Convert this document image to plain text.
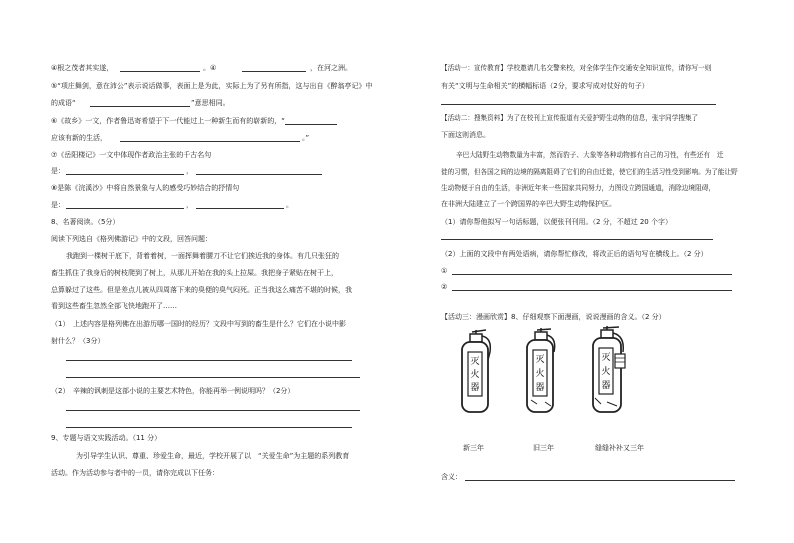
④根之茂者其实遂，	。④	，在河之洲。
⑤“项庄舞剑，意在沛公”表示说话做事，表面上是为此，实际上为了另有所指，这与出自《醉翁亭记》中
的成语“	”意思相同。
⑥《故乡》一文，作者鲁迅寄希望于下一代能过上一种新生而有的崭新的，“
应该有新的生活，	。”
⑦《岳阳楼记》一文中体现作者政治主张的千古名句
是：	，
⑧是陈《浣溪沙》中将自然景象与人的感受巧妙结合的抒情句
是：	，	。
8、名著阅读。（5分）
阅读下列选自《格列佛游记》中的文段，回答问题：
我跑到一棵树干底下，背着着树，一面挥舞着腰刀不让它们挨近我的身体。有几只张狂的
畜生抓住了我身后的树枝爬到了树上，从那儿开始在我的头上拉屎。我把身子紧贴在树干上，
总算躲过了这些。但是差点儿被从四周落下来的臭便的臭气闷死。正当我这么痛苦不堪的时候，我
看到这些畜生忽然全部飞快地跑开了……
（1）　上述内容是格列佛在出游历哪一国时的经历？文段中写到的畜生是什么？它们在小说中影
射什么？（3分）
（2）　辛辣的讽刺是这部小说的主要艺术特色，你能再举一例说明吗？（2分）
9、专题与语文实践活动。（11 分）
为引导学生认识、尊重、珍爱生命，最近，学校开展了以　“关爱生命”为主题的系列教育
活动。作为活动参与者中的一员，请你完成以下任务：
【活动一：宣传教育】学校邀请几名交警来校，对全体学生作交通安全知识宣传，请你写一则
有关“文明与生命相关”的横幅标语（2分，要求写成对仗好的句子）
【活动二：搜集资料】为了在校刊上宣传报道有关爱护野生动物的信息，张宇同学搜集了
下面这则消息。
辛巴大陆野生动物数量为丰富，然而豹子、大象等各种动物都有自己的习性，有些还有　迁
徙的习惯，但各国之间的边境的隔离阻碍了它们的自由迁徙，使它们的生活习性受到影响。为了能让野
生动物便于自由的生活，非洲近年来一些国家共同努力，力图设立跨国通道，消除边境阻碍，
在非洲大陆建立了一个跨国界的辛巴大野生动物保护区。
（1）请你帮他拟写一句话标题，以便张刊刊用。（2 分，不超过 20 个字）
（2）上面的文段中有两处语病，请你帮忙修改，将改正后的语句写在横线上。（2 分）
①
②
【活动三：漫画欣赏】8、仔细观察下面漫画，说说漫画的含义。（2 分）
灭
火
器
灭
火
器
灭
火
器
新三年	旧三年	缝缝补补又三年
含义：
